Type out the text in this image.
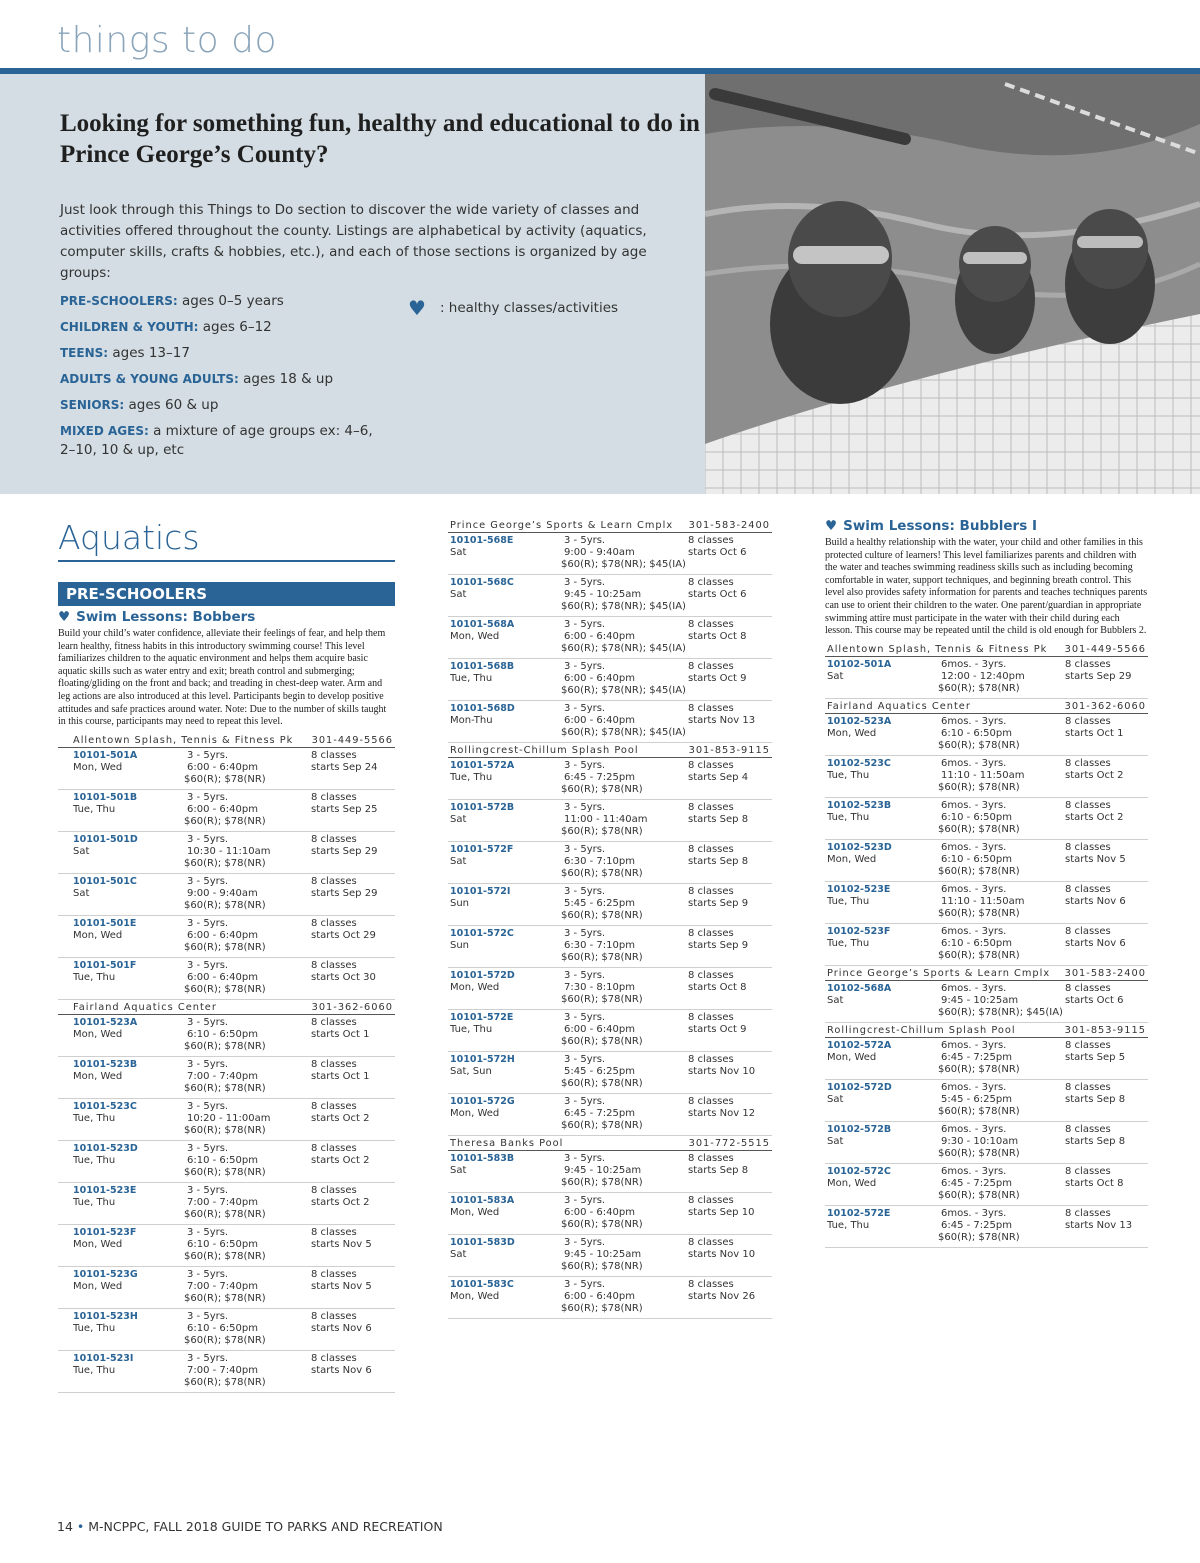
things to do
Looking for something fun, healthy and educational to do in Prince George’s County?

Just look through this Things to Do section to discover the wide variety of classes and activities offered throughout the county. Listings are alphabetical by activity (aquatics, computer skills, crafts & hobbies, etc.), and each of those sections is organized by age groups:

PRE-SCHOOLERS: ages 0–5 years
CHILDREN & YOUTH: ages 6–12
TEENS: ages 13–17
ADULTS & YOUNG ADULTS: ages 18 & up
SENIORS: ages 60 & up
MIXED AGES: a mixture of age groups ex: 4–6, 2–10, 10 & up, etc
♥ : healthy classes/activities
Aquatics
PRE-SCHOOLERS
♥ Swim Lessons: Bobbers

Build your child’s water confidence, alleviate their feelings of fear, and help them learn healthy, fitness habits in this introductory swimming course! This level familiarizes children to the aquatic environment and helps them acquire basic aquatic skills such as water entry and exit; breath control and submerging; floating/gliding on the front and back; and treading in chest-deep water. Arm and leg actions are also introduced at this level. Participants begin to develop positive attitudes and safe practices around water. Note: Due to the number of skills taught in this course, participants may need to repeat this level.

Allentown Splash, Tennis & Fitness Pk 301-449-5566
10101-501A	3 - 5yrs.	8 classes
Mon, Wed	6:00 - 6:40pm	starts Sep 24
$60(R); $78(NR)
10101-501B	3 - 5yrs.	8 classes
Tue, Thu	6:00 - 6:40pm	starts Sep 25
$60(R); $78(NR)
10101-501D	3 - 5yrs.	8 classes
Sat	10:30 - 11:10am	starts Sep 29
$60(R); $78(NR)
10101-501C	3 - 5yrs.	8 classes
Sat	9:00 - 9:40am	starts Sep 29
$60(R); $78(NR)
10101-501E	3 - 5yrs.	8 classes
Mon, Wed	6:00 - 6:40pm	starts Oct 29
$60(R); $78(NR)
10101-501F	3 - 5yrs.	8 classes
Tue, Thu	6:00 - 6:40pm	starts Oct 30
$60(R); $78(NR)
Fairland Aquatics Center	301-362-6060
10101-523A	3 - 5yrs.	8 classes
Mon, Wed	6:10 - 6:50pm	starts Oct 1
$60(R); $78(NR)
10101-523B	3 - 5yrs.	8 classes
Mon, Wed	7:00 - 7:40pm	starts Oct 1
$60(R); $78(NR)
10101-523C	3 - 5yrs.	8 classes
Tue, Thu	10:20 - 11:00am	starts Oct 2
$60(R); $78(NR)
10101-523D	3 - 5yrs.	8 classes
Tue, Thu	6:10 - 6:50pm	starts Oct 2
$60(R); $78(NR)
10101-523E	3 - 5yrs.	8 classes
Tue, Thu	7:00 - 7:40pm	starts Oct 2
$60(R); $78(NR)
10101-523F	3 - 5yrs.	8 classes
Mon, Wed	6:10 - 6:50pm	starts Nov 5
$60(R); $78(NR)
10101-523G	3 - 5yrs.	8 classes
Mon, Wed	7:00 - 7:40pm	starts Nov 5
$60(R); $78(NR)
10101-523H	3 - 5yrs.	8 classes
Tue, Thu	6:10 - 6:50pm	starts Nov 6
$60(R); $78(NR)
10101-523I	3 - 5yrs.	8 classes
Tue, Thu	7:00 - 7:40pm	starts Nov 6
$60(R); $78(NR)
Prince George’s Sports & Learn Cmplx 301-583-2400
10101-568E	3 - 5yrs.	8 classes
Sat	9:00 - 9:40am	starts Oct 6
$60(R); $78(NR); $45(IA)
10101-568C	3 - 5yrs.	8 classes
Sat	9:45 - 10:25am	starts Oct 6
$60(R); $78(NR); $45(IA)
10101-568A	3 - 5yrs.	8 classes
Mon, Wed	6:00 - 6:40pm	starts Oct 8
$60(R); $78(NR); $45(IA)
10101-568B	3 - 5yrs.	8 classes
Tue, Thu	6:00 - 6:40pm	starts Oct 9
$60(R); $78(NR); $45(IA)
10101-568D	3 - 5yrs.	8 classes
Mon-Thu	6:00 - 6:40pm	starts Nov 13
$60(R); $78(NR); $45(IA)
Rollingcrest-Chillum Splash Pool	301-853-9115
10101-572A	3 - 5yrs.	8 classes
Tue, Thu	6:45 - 7:25pm	starts Sep 4
$60(R); $78(NR)
10101-572B	3 - 5yrs.	8 classes
Sat	11:00 - 11:40am	starts Sep 8
$60(R); $78(NR)
10101-572F	3 - 5yrs.	8 classes
Sat	6:30 - 7:10pm	starts Sep 8
$60(R); $78(NR)
10101-572I	3 - 5yrs.	8 classes
Sun	5:45 - 6:25pm	starts Sep 9
$60(R); $78(NR)
10101-572C	3 - 5yrs.	8 classes
Sun	6:30 - 7:10pm	starts Sep 9
$60(R); $78(NR)
10101-572D	3 - 5yrs.	8 classes
Mon, Wed	7:30 - 8:10pm	starts Oct 8
$60(R); $78(NR)
10101-572E	3 - 5yrs.	8 classes
Tue, Thu	6:00 - 6:40pm	starts Oct 9
$60(R); $78(NR)
10101-572H	3 - 5yrs.	8 classes
Sat, Sun	5:45 - 6:25pm	starts Nov 10
$60(R); $78(NR)
10101-572G	3 - 5yrs.	8 classes
Mon, Wed	6:45 - 7:25pm	starts Nov 12
$60(R); $78(NR)
Theresa Banks Pool	301-772-5515
10101-583B	3 - 5yrs.	8 classes
Sat	9:45 - 10:25am	starts Sep 8
$60(R); $78(NR)
10101-583A	3 - 5yrs.	8 classes
Mon, Wed	6:00 - 6:40pm	starts Sep 10
$60(R); $78(NR)
10101-583D	3 - 5yrs.	8 classes
Sat	9:45 - 10:25am	starts Nov 10
$60(R); $78(NR)
10101-583C	3 - 5yrs.	8 classes
Mon, Wed	6:00 - 6:40pm	starts Nov 26
$60(R); $78(NR)
♥ Swim Lessons: Bubblers I

Build a healthy relationship with the water, your child and other families in this protected culture of learners! This level familiarizes parents and children with the water and teaches swimming readiness skills such as including becoming comfortable in water, support techniques, and beginning breath control. This level also provides safety information for parents and teaches techniques parents can use to orient their children to the water. One parent/guardian in appropriate swimming attire must participate in the water with their child during each lesson. This course may be repeated until the child is old enough for Bubblers 2.

Allentown Splash, Tennis & Fitness Pk 301-449-5566
10102-501A	6mos. - 3yrs.	8 classes
Sat	12:00 - 12:40pm	starts Sep 29
$60(R); $78(NR)
Fairland Aquatics Center	301-362-6060
10102-523A	6mos. - 3yrs.	8 classes
Mon, Wed	6:10 - 6:50pm	starts Oct 1
$60(R); $78(NR)
10102-523C	6mos. - 3yrs.	8 classes
Tue, Thu	11:10 - 11:50am	starts Oct 2
$60(R); $78(NR)
10102-523B	6mos. - 3yrs.	8 classes
Tue, Thu	6:10 - 6:50pm	starts Oct 2
$60(R); $78(NR)
10102-523D	6mos. - 3yrs.	8 classes
Mon, Wed	6:10 - 6:50pm	starts Nov 5
$60(R); $78(NR)
10102-523E	6mos. - 3yrs.	8 classes
Tue, Thu	11:10 - 11:50am	starts Nov 6
$60(R); $78(NR)
10102-523F	6mos. - 3yrs.	8 classes
Tue, Thu	6:10 - 6:50pm	starts Nov 6
$60(R); $78(NR)
Prince George’s Sports & Learn Cmplx 301-583-2400
10102-568A	6mos. - 3yrs.	8 classes
Sat	9:45 - 10:25am	starts Oct 6
$60(R); $78(NR); $45(IA)
Rollingcrest-Chillum Splash Pool	301-853-9115
10102-572A	6mos. - 3yrs.	8 classes
Mon, Wed	6:45 - 7:25pm	starts Sep 5
$60(R); $78(NR)
10102-572D	6mos. - 3yrs.	8 classes
Sat	5:45 - 6:25pm	starts Sep 8
$60(R); $78(NR)
10102-572B	6mos. - 3yrs.	8 classes
Sat	9:30 - 10:10am	starts Sep 8
$60(R); $78(NR)
10102-572C	6mos. - 3yrs.	8 classes
Mon, Wed	6:45 - 7:25pm	starts Oct 8
$60(R); $78(NR)
10102-572E	6mos. - 3yrs.	8 classes
Tue, Thu	6:45 - 7:25pm	starts Nov 13
$60(R); $78(NR)
14 • M-NCPPC, FALL 2018 GUIDE TO PARKS AND RECREATION
